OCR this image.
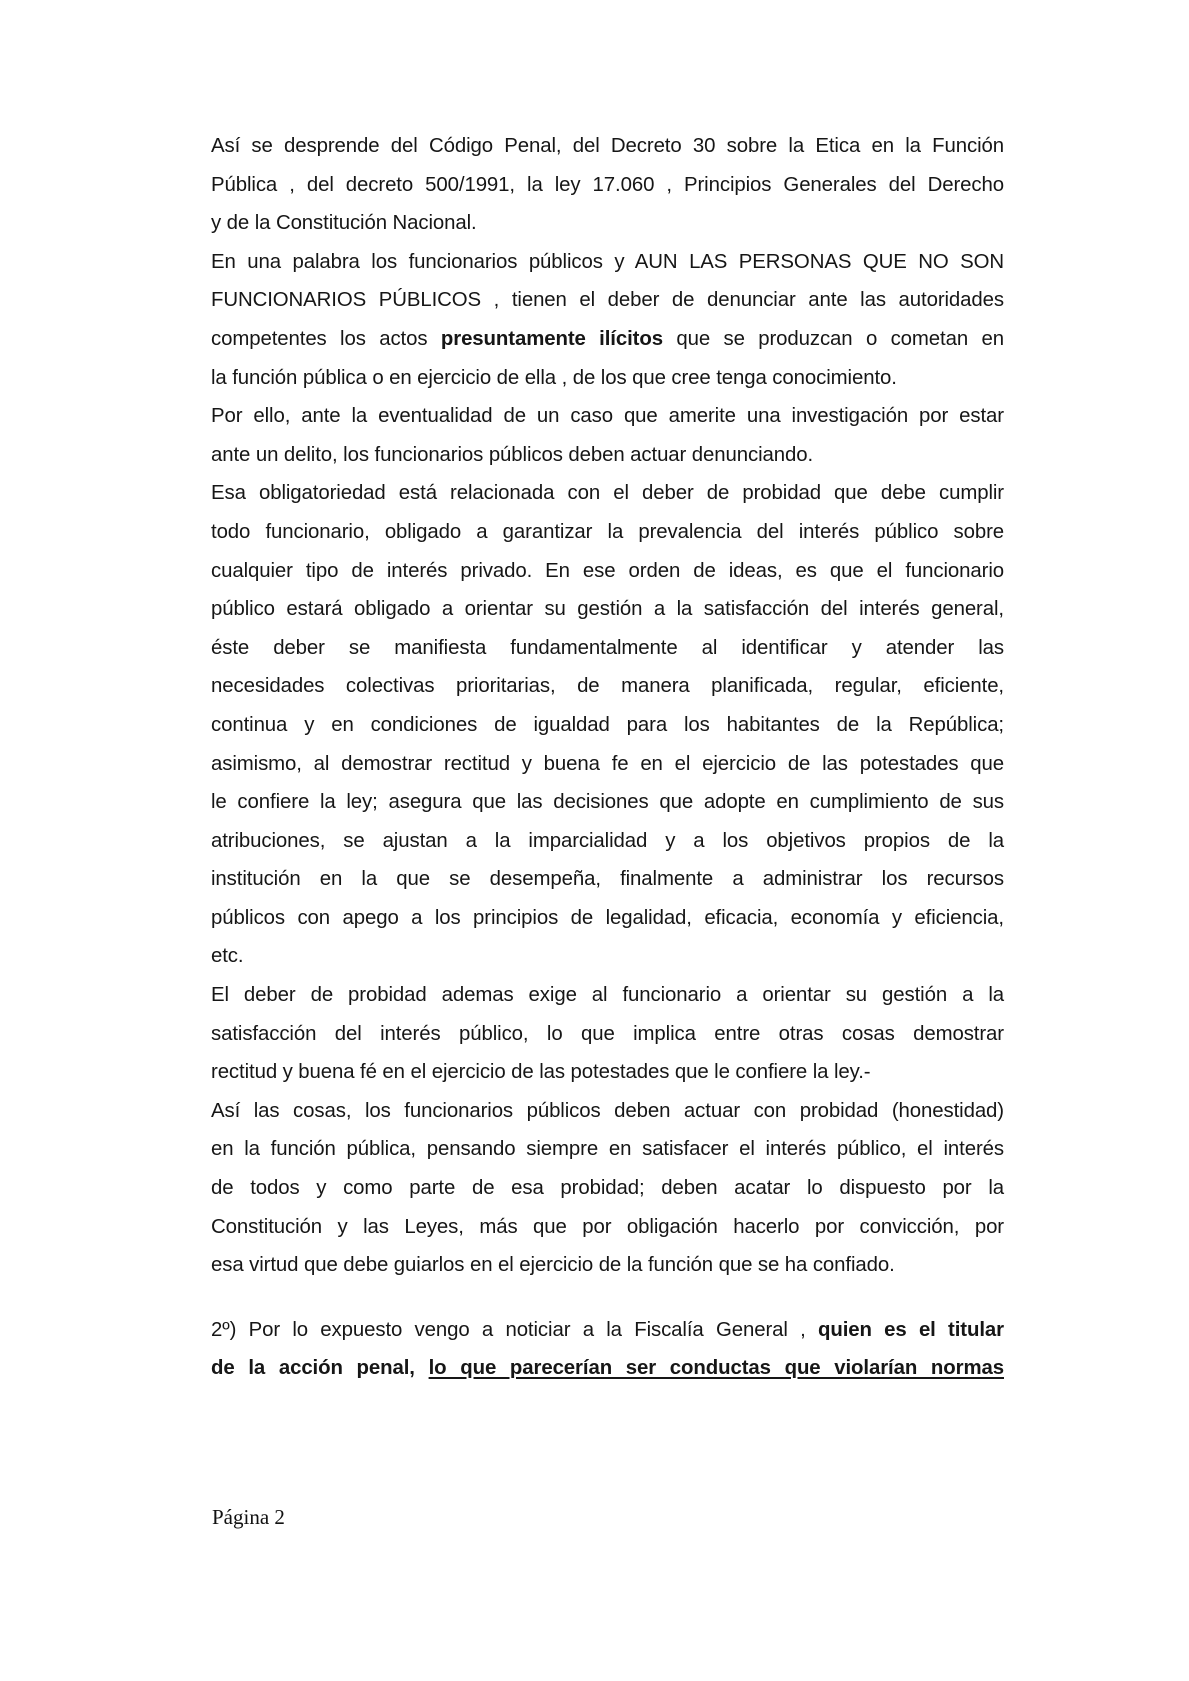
Así se desprende del Código Penal, del Decreto 30 sobre la Etica en la Función
Pública , del decreto 500/1991, la ley 17.060 , Principios Generales del Derecho
y de la Constitución Nacional.

En una palabra los funcionarios públicos y AUN LAS PERSONAS QUE NO SON
FUNCIONARIOS PÚBLICOS , tienen el deber de denunciar ante las autoridades
competentes los actos presuntamente ilícitos que se produzcan o cometan en
la función pública o en ejercicio de ella , de los que cree tenga conocimiento.

Por ello, ante la eventualidad de un caso que amerite una investigación por estar
ante un delito, los funcionarios públicos deben actuar denunciando.

Esa obligatoriedad está relacionada con el deber de probidad que debe cumplir
todo funcionario, obligado a garantizar la prevalencia del interés público sobre
cualquier tipo de interés privado. En ese orden de ideas, es que el funcionario
público estará obligado a orientar su gestión a la satisfacción del interés general,
éste deber se manifiesta fundamentalmente al identificar y atender las
necesidades colectivas prioritarias, de manera planificada, regular, eficiente,
continua y en condiciones de igualdad para los habitantes de la República;
asimismo, al demostrar rectitud y buena fe en el ejercicio de las potestades que
le confiere la ley; asegura que las decisiones que adopte en cumplimiento de sus
atribuciones, se ajustan a la imparcialidad y a los objetivos propios de la
institución en la que se desempeña, finalmente a administrar los recursos
públicos con apego a los principios de legalidad, eficacia, economía y eficiencia,
etc.

El deber de probidad ademas exige al funcionario a orientar su gestión a la
satisfacción del interés público, lo que implica entre otras cosas demostrar
rectitud y buena fé en el ejercicio de las potestades que le confiere la ley.-

Así las cosas, los funcionarios públicos deben actuar con probidad (honestidad)
en la función pública, pensando siempre en satisfacer el interés público, el interés
de todos y como parte de esa probidad; deben acatar lo dispuesto por la
Constitución y las Leyes, más que por obligación hacerlo por convicción, por
esa virtud que debe guiarlos en el ejercicio de la función que se ha confiado.

2º) Por lo expuesto vengo a noticiar a la Fiscalía General , quien es el titular
de la acción penal, lo que parecerían ser conductas que violarían normas

Página 2
